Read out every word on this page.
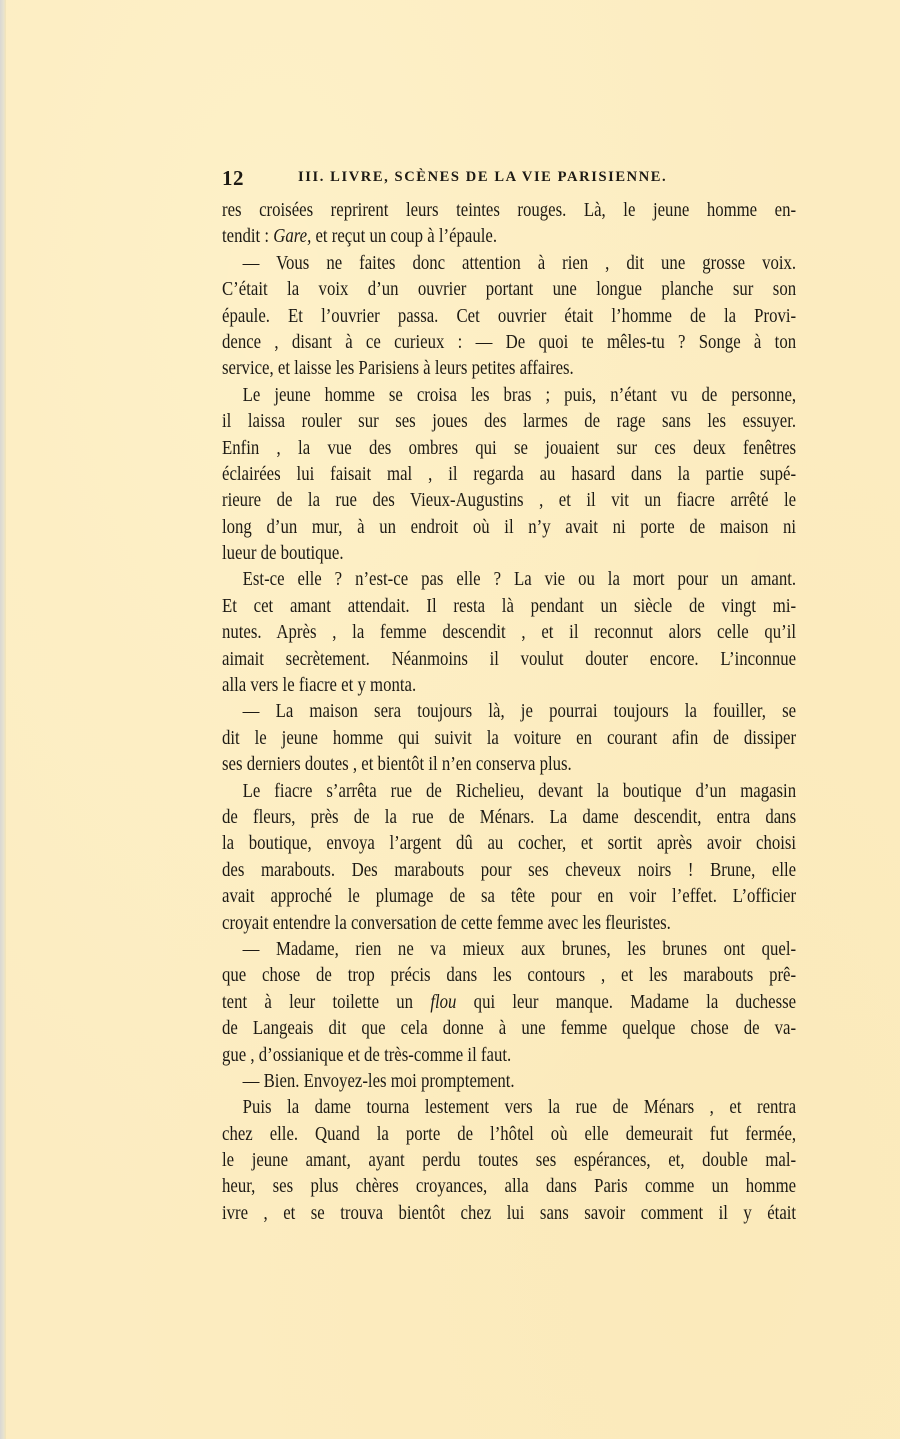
12	III. LIVRE, SCÈNES DE LA VIE PARISIENNE.
res croisées reprirent leurs teintes rouges. Là, le jeune homme en-
tendit : Gare, et reçut un coup à l’épaule.
— Vous ne faites donc attention à rien , dit une grosse voix.
C’était la voix d’un ouvrier portant une longue planche sur son
épaule. Et l’ouvrier passa. Cet ouvrier était l’homme de la Provi-
dence , disant à ce curieux : — De quoi te mêles-tu ? Songe à ton
service, et laisse les Parisiens à leurs petites affaires.
Le jeune homme se croisa les bras ; puis, n’étant vu de personne,
il laissa rouler sur ses joues des larmes de rage sans les essuyer.
Enfin , la vue des ombres qui se jouaient sur ces deux fenêtres
éclairées lui faisait mal , il regarda au hasard dans la partie supé-
rieure de la rue des Vieux-Augustins , et il vit un fiacre arrêté le
long d’un mur, à un endroit où il n’y avait ni porte de maison ni
lueur de boutique.
Est-ce elle ? n’est-ce pas elle ? La vie ou la mort pour un amant.
Et cet amant attendait. Il resta là pendant un siècle de vingt mi-
nutes. Après , la femme descendit , et il reconnut alors celle qu’il
aimait secrètement. Néanmoins il voulut douter encore. L’inconnue
alla vers le fiacre et y monta.
— La maison sera toujours là, je pourrai toujours la fouiller, se
dit le jeune homme qui suivit la voiture en courant afin de dissiper
ses derniers doutes , et bientôt il n’en conserva plus.
Le fiacre s’arrêta rue de Richelieu, devant la boutique d’un magasin
de fleurs, près de la rue de Ménars. La dame descendit, entra dans
la boutique, envoya l’argent dû au cocher, et sortit après avoir choisi
des marabouts. Des marabouts pour ses cheveux noirs ! Brune, elle
avait approché le plumage de sa tête pour en voir l’effet. L’officier
croyait entendre la conversation de cette femme avec les fleuristes.
— Madame, rien ne va mieux aux brunes, les brunes ont quel-
que chose de trop précis dans les contours , et les marabouts prê-
tent à leur toilette un flou qui leur manque. Madame la duchesse
de Langeais dit que cela donne à une femme quelque chose de va-
gue , d’ossianique et de très-comme il faut.
— Bien. Envoyez-les moi promptement.
Puis la dame tourna lestement vers la rue de Ménars , et rentra
chez elle. Quand la porte de l’hôtel où elle demeurait fut fermée,
le jeune amant, ayant perdu toutes ses espérances, et, double mal-
heur, ses plus chères croyances, alla dans Paris comme un homme
ivre , et se trouva bientôt chez lui sans savoir comment il y était
